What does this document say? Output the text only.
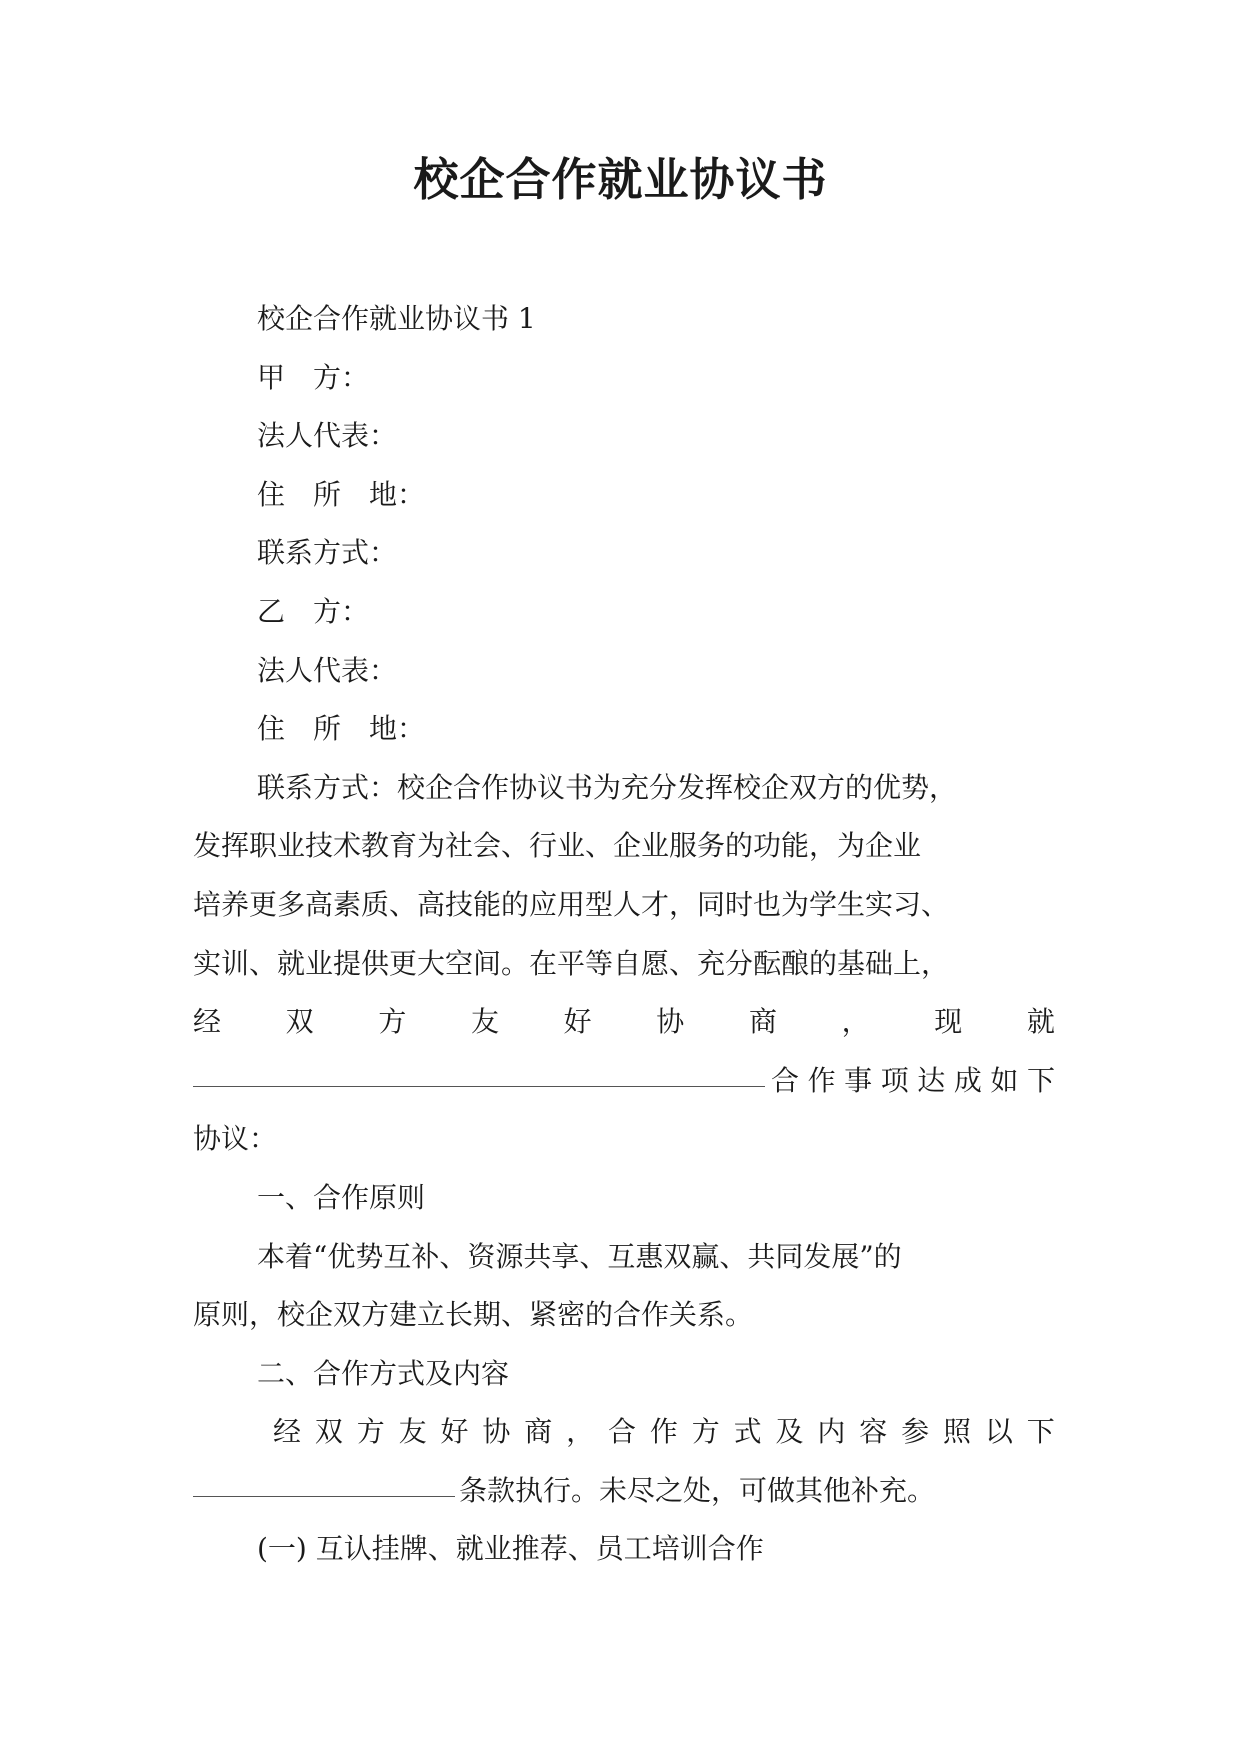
校企合作就业协议书
校企合作就业协议书 1
甲　方：
法人代表：
住　所　地：
联系方式：
乙　方：
法人代表：
住　所　地：
联系方式：校企合作协议书为充分发挥校企双方的优势，
发挥职业技术教育为社会、行业、企业服务的功能，为企业
培养更多高素质、高技能的应用型人才，同时也为学生实习、
实训、就业提供更大空间。在平等自愿、充分酝酿的基础上，
经 双 方 友 好 协 商 ， 现 就
合 作 事 项 达 成 如 下
协议：
一、合作原则
本着“优势互补、资源共享、互惠双赢、共同发展”的
原则，校企双方建立长期、紧密的合作关系。
二、合作方式及内容
经 双 方 友 好 协 商 ， 合 作 方 式 及 内 容 参 照 以 下
条款执行。未尽之处，可做其他补充。
(一) 互认挂牌、就业推荐、员工培训合作
